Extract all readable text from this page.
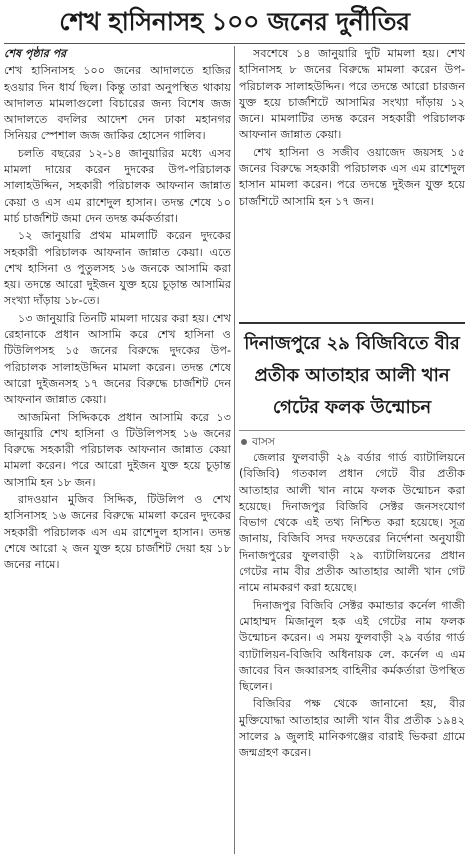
শেখ হাসিনাসহ ১০০ জনের দুর্নীতির
শেষ পৃষ্ঠার পর

শেখ হাসিনাসহ ১০০ জনের আদালতে হাজির হওয়ার দিন ধার্য ছিল। কিন্তু তারা অনুপস্থিত থাকায় আদালত মামলাগুলো বিচারের জন্য বিশেষ জজ আদালতে বদলির আদেশ দেন ঢাকা মহানগর সিনিয়র স্পেশাল জজ জাকির হোসেন গালিব।

চলতি বছরের ১২-১৪ জানুয়ারির মধ্যে এসব মামলা দায়ের করেন দুদকের উপ-পরিচালক সালাহউদ্দিন, সহকারী পরিচালক আফনান জান্নাত কেয়া ও এস এম রাশেদুল হাসান। তদন্ত শেষে ১০ মার্চ চার্জশিট জমা দেন তদন্ত কর্মকর্তারা।

১২ জানুয়ারি প্রথম মামলাটি করেন দুদকের সহকারী পরিচালক আফনান জান্নাত কেয়া। এতে শেখ হাসিনা ও পুতুলসহ ১৬ জনকে আসামি করা হয়। তদন্তে আরো দুইজন যুক্ত হয়ে চূড়ান্ত আসামির সংখ্যা দাঁড়ায় ১৮-তে।

১৩ জানুয়ারি তিনটি মামলা দায়ের করা হয়। শেখ রেহানাকে প্রধান আসামি করে শেখ হাসিনা ও টিউলিপসহ ১৫ জনের বিরুদ্ধে দুদকের উপ-পরিচালক সালাহউদ্দিন মামলা করেন। তদন্ত শেষে আরো দুইজনসহ ১৭ জনের বিরুদ্ধে চার্জশিট দেন আফনান জান্নাত কেয়া।

আজমিনা সিদ্দিককে প্রধান আসামি করে ১৩ জানুয়ারি শেখ হাসিনা ও টিউলিপসহ ১৬ জনের বিরুদ্ধে সহকারী পরিচালক আফনান জান্নাত কেয়া মামলা করেন। পরে আরো দুইজন যুক্ত হয়ে চূড়ান্ত আসামি হন ১৮ জন।

রাদওয়ান মুজিব সিদ্দিক, টিউলিপ ও শেখ হাসিনাসহ ১৬ জনের বিরুদ্ধে মামলা করেন দুদকের সহকারী পরিচালক এস এম রাশেদুল হাসান। তদন্ত শেষে আরো ২ জন যুক্ত হয়ে চার্জশিট দেয়া হয় ১৮ জনের নামে।

সবশেষে ১৪ জানুয়ারি দুটি মামলা হয়। শেখ হাসিনাসহ ৮ জনের বিরুদ্ধে মামলা করেন উপ-পরিচালক সালাহউদ্দিন। পরে তদন্তে আরো চারজন যুক্ত হয়ে চার্জশিটে আসামির সংখ্যা দাঁড়ায় ১২ জনে। মামলাটির তদন্ত করেন সহকারী পরিচালক আফনান জান্নাত কেয়া।

শেখ হাসিনা ও সজীব ওয়াজেদ জয়সহ ১৫ জনের বিরুদ্ধে সহকারী পরিচালক এস এম রাশেদুল হাসান মামলা করেন। পরে তদন্তে দুইজন যুক্ত হয়ে চার্জশিটে আসামি হন ১৭ জন।

দিনাজপুরে ২৯ বিজিবিতে বীর প্রতীক আতাহার আলী খান গেটের ফলক উন্মোচন
বাসস

জেলার ফুলবাড়ী ২৯ বর্ডার গার্ড ব্যাটালিয়নে (বিজিবি) গতকাল প্রধান গেটে বীর প্রতীক আতাহার আলী খান নামে ফলক উন্মোচন করা হয়েছে। দিনাজপুর বিজিবি সেক্টর জনসংযোগ বিভাগ থেকে এই তথ্য নিশ্চিত করা হয়েছে। সূত্র জানায়, বিজিবি সদর দফতরের নির্দেশনা অনুযায়ী দিনাজপুরের ফুলবাড়ী ২৯ ব্যাটালিয়নের প্রধান গেটের নাম বীর প্রতীক আতাহার আলী খান গেট নামে নামকরণ করা হয়েছে।

দিনাজপুর বিজিবি সেক্টর কমান্ডার কর্নেল গাজী মোহাম্মদ মিজানুল হক এই গেটের নাম ফলক উন্মোচন করেন। এ সময় ফুলবাড়ী ২৯ বর্ডার গার্ড ব্যাটালিয়ন-বিজিবি অধিনায়ক লে. কর্নেল এ এম জাবের বিন জব্বারসহ বাহিনীর কর্মকর্তারা উপস্থিত ছিলেন।

বিজিবির পক্ষ থেকে জানানো হয়, বীর মুক্তিযোদ্ধা আতাহার আলী খান বীর প্রতীক ১৯৪২ সালের ৯ জুলাই মানিকগঞ্জের বারাই ভিকরা গ্রামে জন্মগ্রহণ করেন।
